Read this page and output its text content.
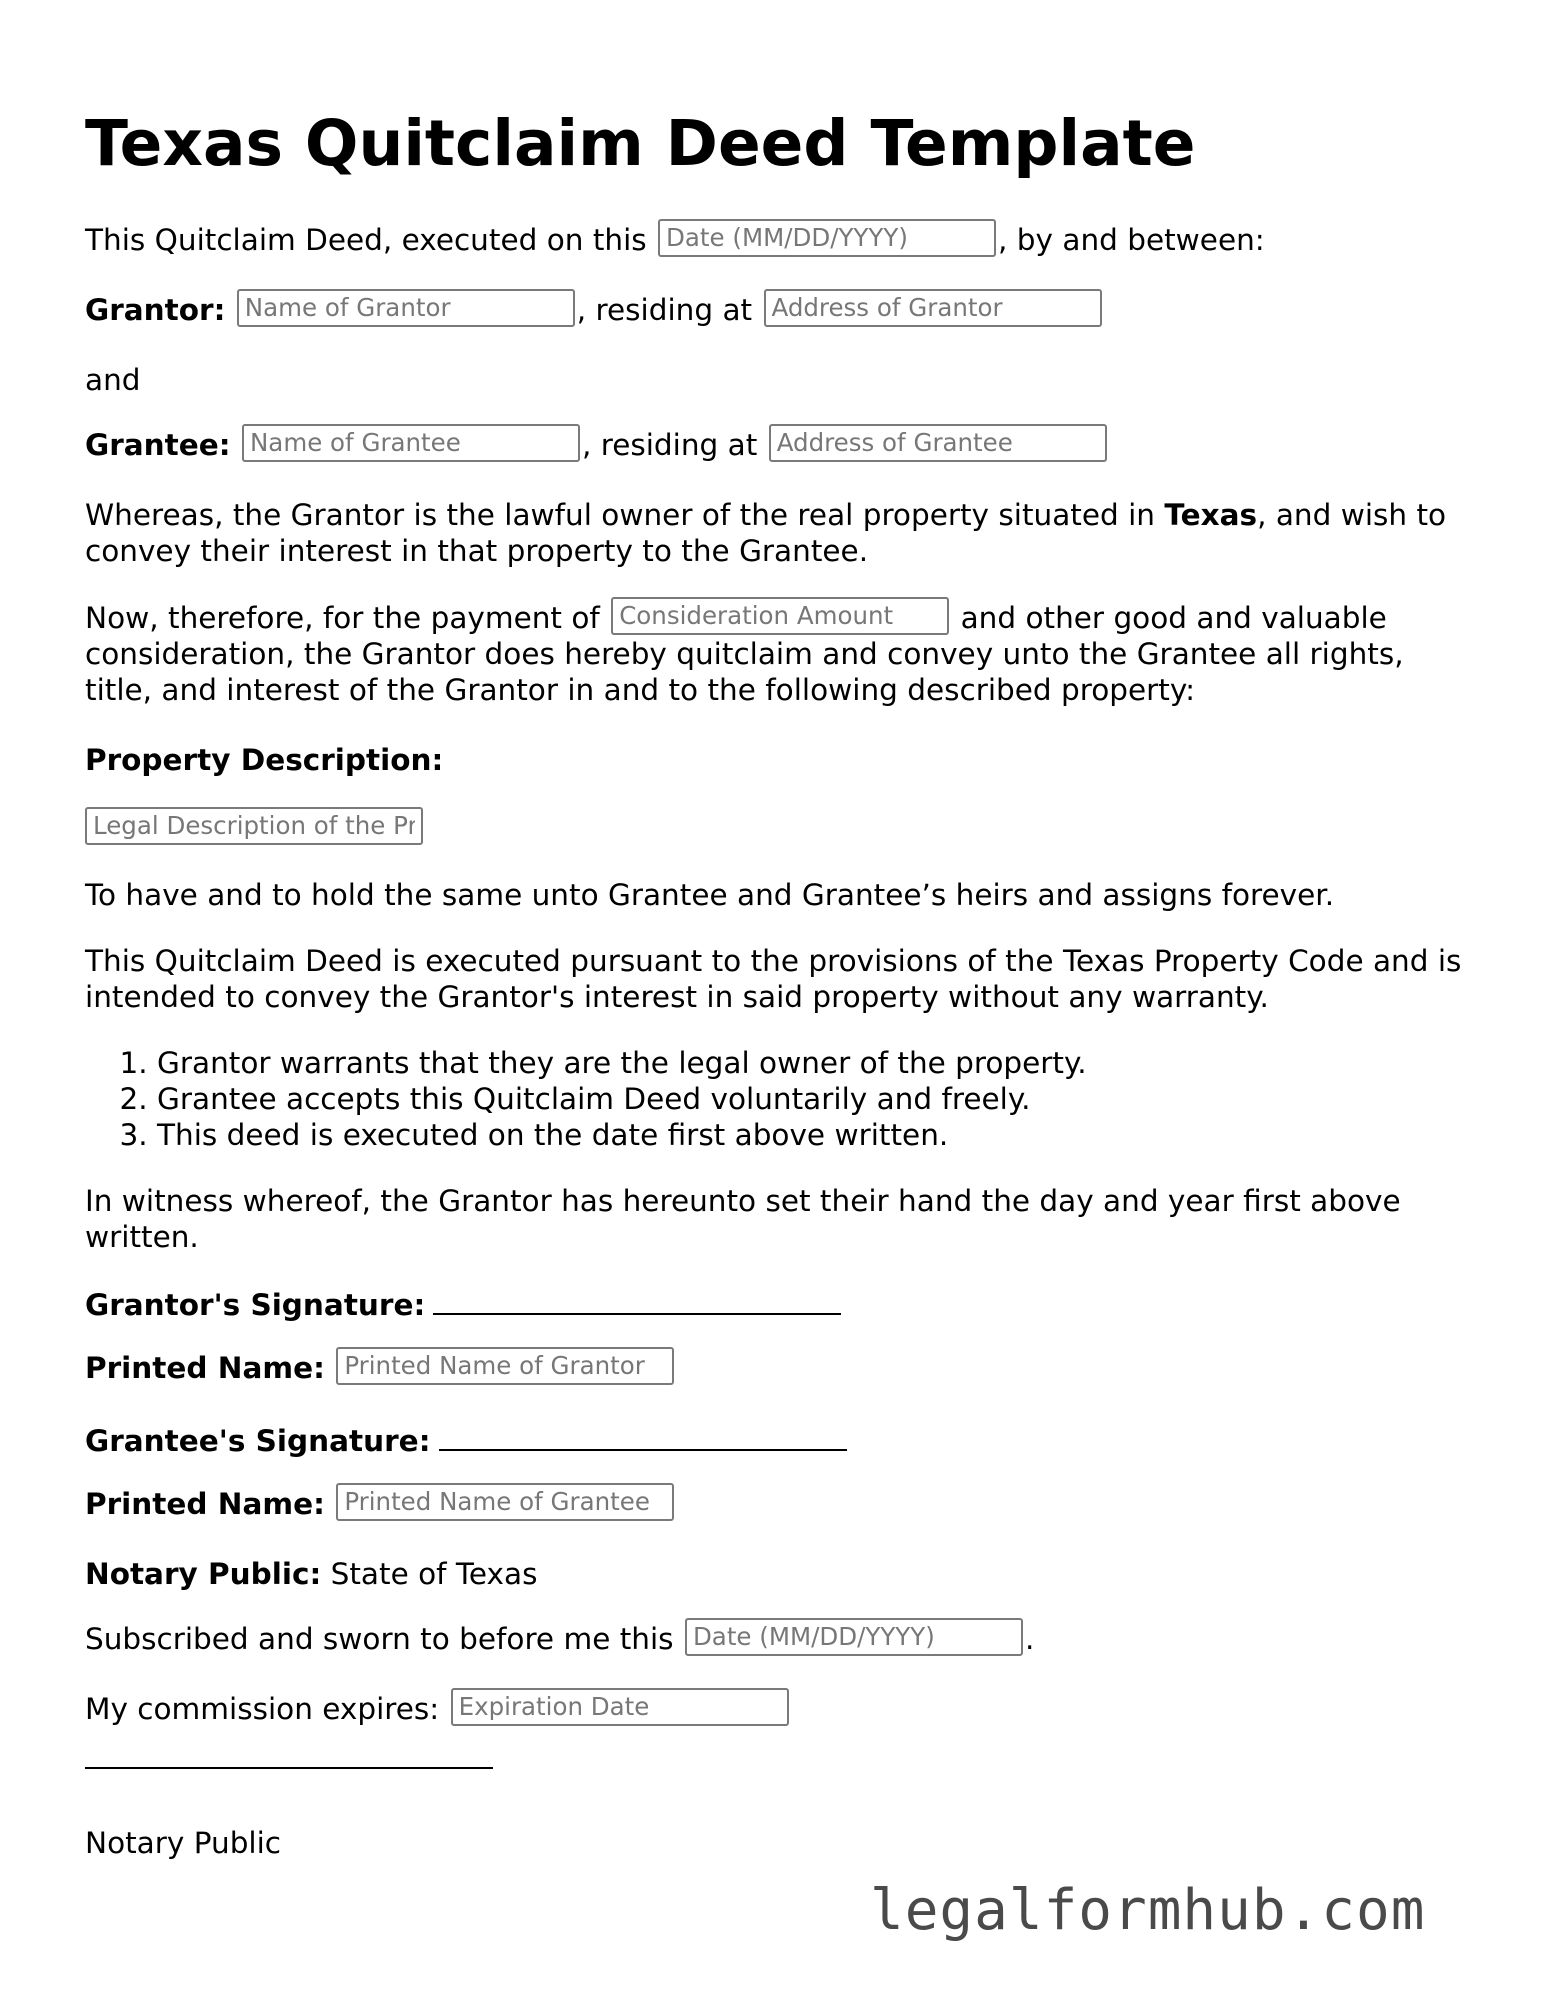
Texas Quitclaim Deed Template
This Quitclaim Deed, executed on this Date (MM/DD/YYYY)	, by and between:
Grantor: Name of Grantor	, residing at Address of Grantor
and
Grantee: Name of Grantee	, residing at Address of Grantee
Whereas, the Grantor is the lawful owner of the real property situated in Texas, and wish to convey their interest in that property to the Grantee.
Now, therefore, for the payment of Consideration Amount	and other good and valuable consideration, the Grantor does hereby quitclaim and convey unto the Grantee all rights, title, and interest of the Grantor in and to the following described property:
Property Description:
Legal Description of the Property
To have and to hold the same unto Grantee and Grantee’s heirs and assigns forever.
This Quitclaim Deed is executed pursuant to the provisions of the Texas Property Code and is intended to convey the Grantor's interest in said property without any warranty.
1. Grantor warrants that they are the legal owner of the property.
2. Grantee accepts this Quitclaim Deed voluntarily and freely.
3. This deed is executed on the date first above written.
In witness whereof, the Grantor has hereunto set their hand the day and year first above written.
Grantor's Signature:
Printed Name: Printed Name of Grantor
Grantee's Signature:
Printed Name: Printed Name of Grantee
Notary Public: State of Texas
Subscribed and sworn to before me this Date (MM/DD/YYYY)	.
My commission expires: Expiration Date
Notary Public
legalformhub.com
